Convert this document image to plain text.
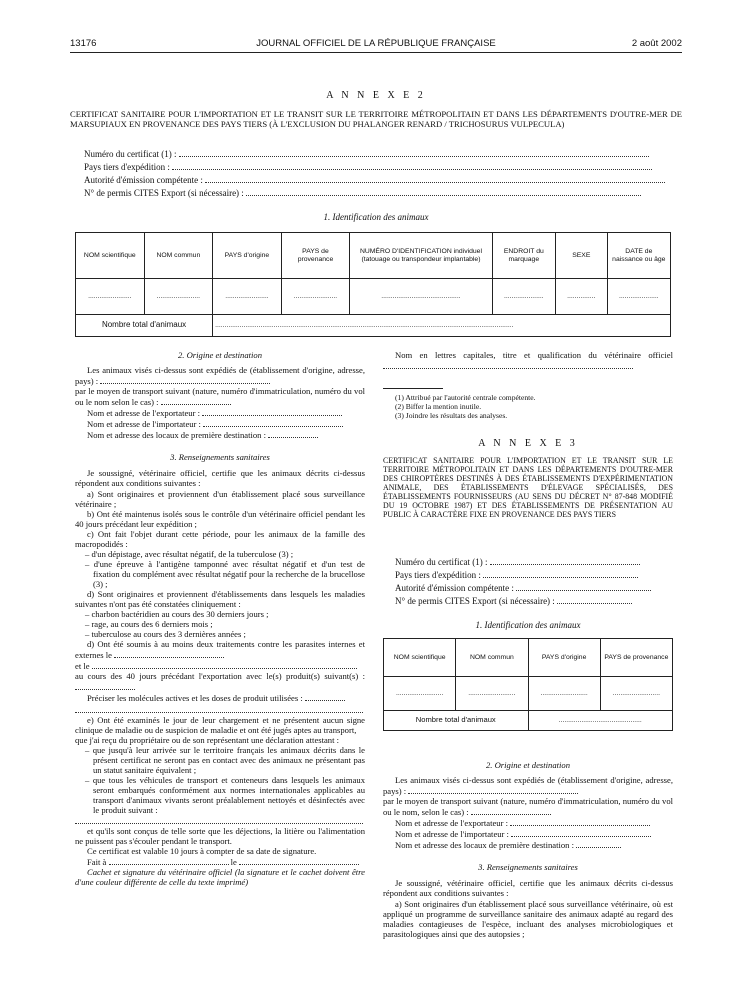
13176	JOURNAL OFFICIEL DE LA RÉPUBLIQUE FRANÇAISE	2 août 2002
A N N E X E 2
CERTIFICAT SANITAIRE POUR L'IMPORTATION ET LE TRANSIT SUR LE TERRITOIRE MÉTROPOLITAIN ET DANS LES DÉPARTEMENTS D'OUTRE-MER DE MARSUPIAUX EN PROVENANCE DES PAYS TIERS (À L'EXCLUSION DU PHALANGER RENARD / TRICHOSURUS VULPECULA)
Numéro du certificat (1) :
Pays tiers d'expédition :
Autorité d'émission compétente :
N° de permis CITES Export (si nécessaire) :
1. Identification des animaux
NOM scientifique	NOM commun	PAYS d'origine	PAYS de provenance	NUMÉRO D'IDENTIFICATION individuel (tatouage ou transpondeur implantable)	ENDROIT du marquage	SEXE	DATE de naissance ou âge
.......................	.......................	.......................	.......................	..........................................	.....................	...............	.....................
Nombre total d'animaux		..............................................................................................................................................................					

2. Origine et destination

Les animaux visés ci-dessus sont expédiés de (établissement d'origine, adresse, pays) :

par le moyen de transport suivant (nature, numéro d'immatriculation, numéro du vol ou le nom selon le cas) :

Nom et adresse de l'exportateur :

Nom et adresse de l'importateur :

Nom et adresse des locaux de première destination :

3. Renseignements sanitaires

Je soussigné, vétérinaire officiel, certifie que les animaux décrits ci-dessus répondent aux conditions suivantes :

a) Sont originaires et proviennent d'un établissement placé sous surveillance vétérinaire ;

b) Ont été maintenus isolés sous le contrôle d'un vétérinaire officiel pendant les 40 jours précédant leur expédition ;

c) Ont fait l'objet durant cette période, pour les animaux de la famille des macropodidés :

– d'un dépistage, avec résultat négatif, de la tuberculose (3) ;

– d'une épreuve à l'antigène tamponné avec résultat négatif et d'un test de fixation du complément avec résultat négatif pour la recherche de la brucellose (3) ;

d) Sont originaires et proviennent d'établissements dans lesquels les maladies suivantes n'ont pas été constatées cliniquement :

– charbon bactéridien au cours des 30 derniers jours ;

– rage, au cours des 6 derniers mois ;

– tuberculose au cours des 3 dernières années ;

d) Ont été soumis à au moins deux traitements contre les parasites internes et externes le

et le

au cours des 40 jours précédant l'exportation avec le(s) produit(s) suivant(s) :

Préciser les molécules actives et les doses de produit utilisées :

e) Ont été examinés le jour de leur chargement et ne présentent aucun signe clinique de maladie ou de suspicion de maladie et ont été jugés aptes au transport,

que j'ai reçu du propriétaire ou de son représentant une déclaration attestant :

– que jusqu'à leur arrivée sur le territoire français les animaux décrits dans le présent certificat ne seront pas en contact avec des animaux ne présentant pas un statut sanitaire équivalent ;

– que tous les véhicules de transport et conteneurs dans lesquels les animaux seront embarqués conformément aux normes internationales applicables au transport d'animaux vivants seront préalablement nettoyés et désinfectés avec le produit suivant :

et qu'ils sont conçus de telle sorte que les déjections, la litière ou l'alimentation ne puissent pas s'écouler pendant le transport.

Ce certificat est valable 10 jours à compter de sa date de signature.

Fait à	le

Cachet et signature du vétérinaire officiel (la signature et le cachet doivent être d'une couleur différente de celle du texte imprimé)

Nom en lettres capitales, titre et qualification du vétérinaire officiel

(1) Attribué par l'autorité centrale compétente.

(2) Biffer la mention inutile.

(3) Joindre les résultats des analyses.

A N N E X E 3
CERTIFICAT SANITAIRE POUR L'IMPORTATION ET LE TRANSIT SUR LE TERRITOIRE MÉTROPOLITAIN ET DANS LES DÉPARTEMENTS D'OUTRE-MER DES CHIROPTÈRES DESTINÉS À DES ÉTABLISSEMENTS D'EXPÉRIMENTATION ANIMALE, DES ÉTABLISSEMENTS D'ÉLEVAGE SPÉCIALISÉS, DES ÉTABLISSEMENTS FOURNISSEURS (AU SENS DU DÉCRET N° 87-848 MODIFIÉ DU 19 OCTOBRE 1987) ET DES ÉTABLISSEMENTS DE PRÉSENTATION AU PUBLIC À CARACTÈRE FIXE EN PROVENANCE DES PAYS TIERS
Numéro du certificat (1) :
Pays tiers d'expédition :
Autorité d'émission compétente :
N° de permis CITES Export (si nécessaire) :
1. Identification des animaux
NOM scientifique	NOM commun	PAYS d'origine	PAYS de provenance
.........................	.........................	.........................	.........................
Nombre total d'animaux		............................................	

2. Origine et destination

Les animaux visés ci-dessus sont expédiés de (établissement d'origine, adresse, pays) :

par le moyen de transport suivant (nature, numéro d'immatriculation, numéro du vol ou le nom, selon le cas) :

Nom et adresse de l'exportateur :

Nom et adresse de l'importateur :

Nom et adresse des locaux de première destination :

3. Renseignements sanitaires

Je soussigné, vétérinaire officiel, certifie que les animaux décrits ci-dessus répondent aux conditions suivantes :

a) Sont originaires d'un établissement placé sous surveillance vétérinaire, où est appliqué un programme de surveillance sanitaire des animaux adapté au regard des maladies contagieuses de l'espèce, incluant des analyses microbiologiques et parasitologiques ainsi que des autopsies ;
